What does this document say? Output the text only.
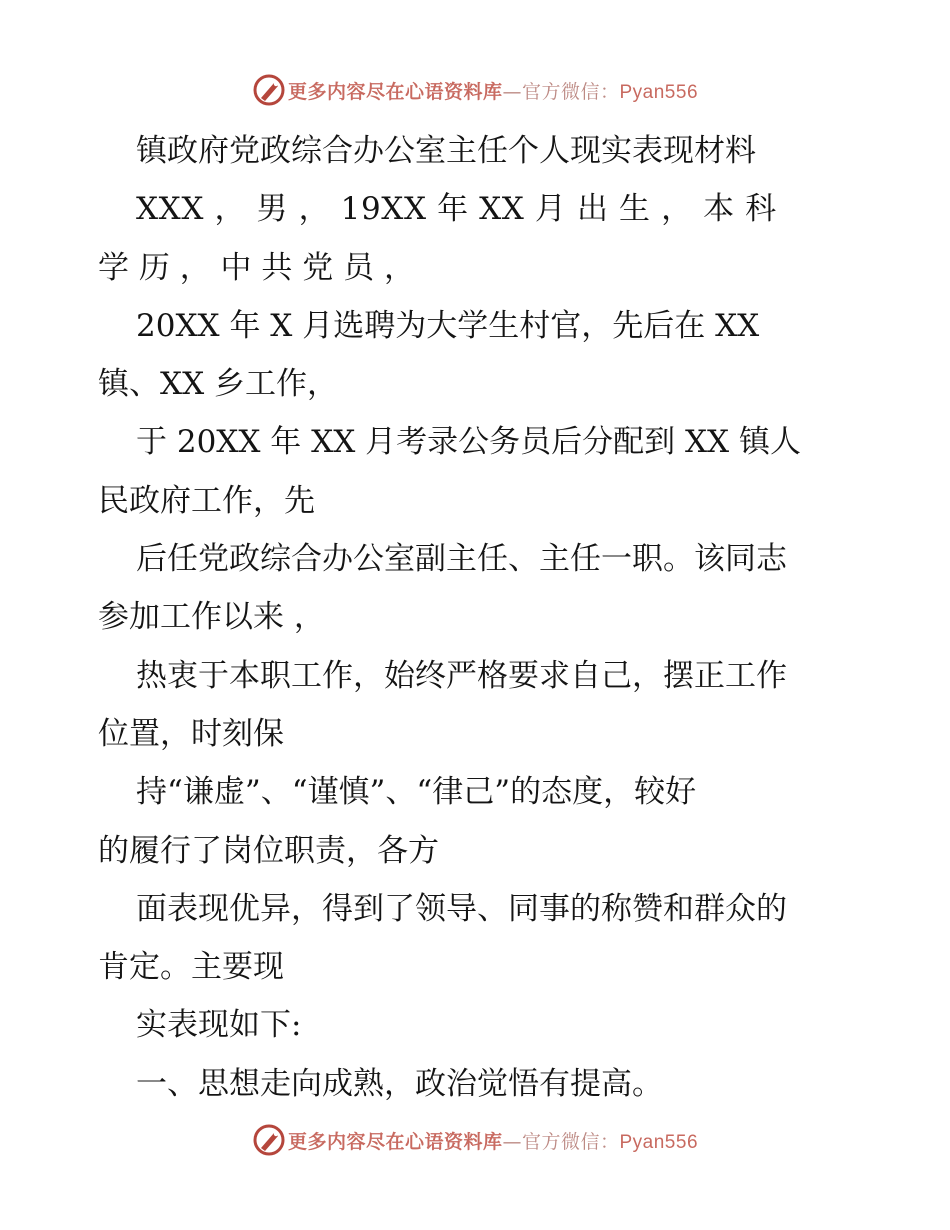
更多内容尽在心语资料库—官方微信：Pyan556
镇政府党政综合办公室主任个人现实表现材料
XXX ， 男 ， 19XX 年 XX 月 出 生 ， 本 科
学 历 ， 中 共 党 员 ，
20XX 年 X 月选聘为大学生村官，先后在 XX
镇、XX 乡工作，
于 20XX 年 XX 月考录公务员后分配到 XX 镇人
民政府工作，先
后任党政综合办公室副主任、主任一职。该同志
参加工作以来 ，
热衷于本职工作，始终严格要求自己，摆正工作
位置，时刻保
持“谦虚”、“谨慎”、“律己”的态度，较好
的履行了岗位职责，各方
面表现优异，得到了领导、同事的称赞和群众的
肯定。主要现
实表现如下:
一、思想走向成熟，政治觉悟有提高。
更多内容尽在心语资料库—官方微信：Pyan556
